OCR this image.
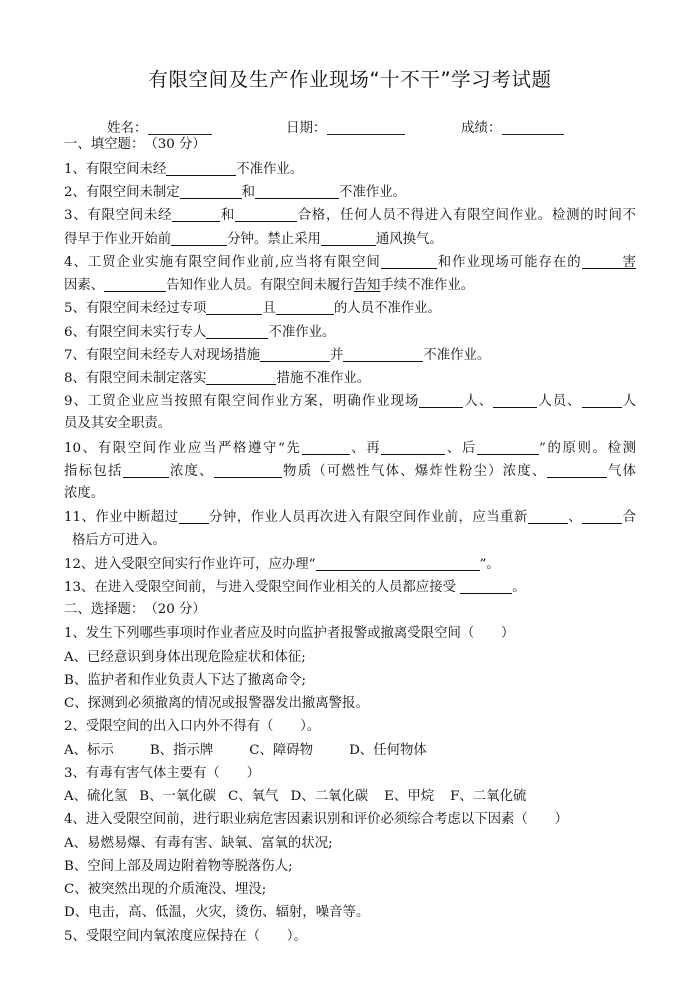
有限空间及生产作业现场“十不干”学习考试题
姓名：	日期：	成绩：
一、填空题：　 （30 分）
1、有限空间未经	不准作业。
2、有限空间未制定	和	不准作业。
3、有限空间未经	和	合格，任何人员不得进入有限空间作业。检测的时间不
得早于作业开始前	分钟。禁止采用	通风换气。
4、工贸企业实施有限空间作业前,应当将有限空间	和作业现场可能存在的	害
因素、	告知作业人员。有限空间未履行告知手续不准作业。
5、有限空间未经过专项	且	的人员不准作业。
6、有限空间未实行专人	不准作业。
7、有限空间未经专人对现场措施	并	不准作业。
8、有限空间未制定落实	措施不准作业。
9、工贸企业应当按照有限空间作业方案，明确作业现场	人、	人员、	人
员及其安全职责。
10、有限空间作业应当严格遵守“先	、再	、后	”的原则。检测
指标包括	浓度、	物质（可燃性气体、爆炸性粉尘）浓度、	气体
浓度。
11、作业中断超过 分钟，作业人员再次进入有限空间作业前，应当重新	、	合
格后方可进入。
12、进入受限空间实行作业许可，应办理“	”。
13、在进入受限空间前，与进入受限空间作业相关的人员都应接受	。
二、选择题：　 （20 分）
1、发生下列哪些事项时作业者应及时向监护者报警或撤离受限空间（　　）
A、已经意识到身体出现危险症状和体征;
B、监护者和作业负责人下达了撤离命令;
C、探测到必须撤离的情况或报警器发出撤离警报。
2、受限空间的出入口内外不得有（　　）。
A、标示	B、指示牌	C、障碍物	D、任何物体
3、有毒有害气体主要有（　　）
A、硫化氢 B、一氧化碳 C、氧气 D、二氧化碳 E、甲烷 F、二氧化硫
4、进入受限空间前，进行职业病危害因素识别和评价必须综合考虑以下因素（　　）
A、易燃易爆、有毒有害、缺氧、富氧的状况;
B、空间上部及周边附着物等脱落伤人;
C、被突然出现的介质淹没、埋没;
D、电击，高、低温，火灾，烫伤、辐射，噪音等。
5、受限空间内氧浓度应保持在（　　）。
